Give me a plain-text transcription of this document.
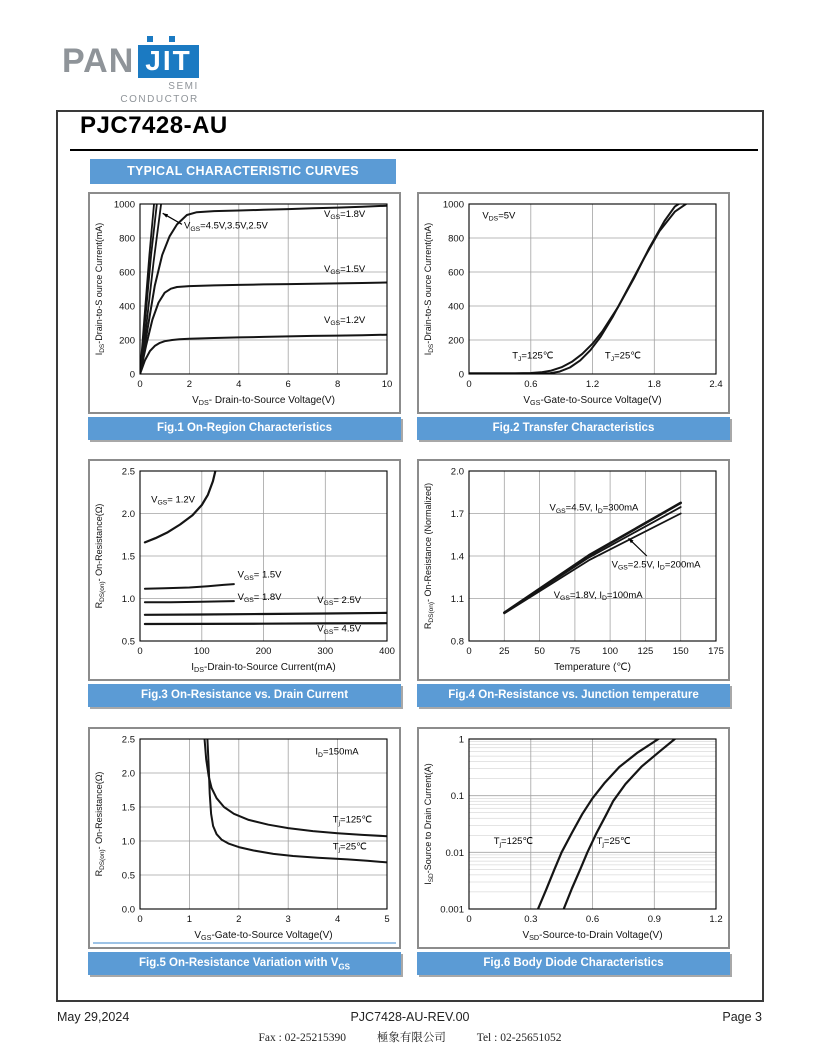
PAN JIT
SEMI
CONDUCTOR
PJC7428-AU
TYPICAL CHARACTERISTIC CURVES
0	2	4	6	8	10
0
200
400
600
800
1000
$V_{DS}-$ Drain-to-Source Voltage(V)
$I_{DS}-Drain-to-S$ ource Current(mA)	$V_{GS}=4.5V,3.5V,2.5V$
$V_{GS}=1.8V$
$V_{GS}=1.5V$
$V_{GS}=1.2V$
Fig.1 On-Region Characteristics
0	0.6	1.2	1.8	2.4
0
200
400
600
800
1000
$V_{GS}-Gate-to$-Source Voltage(V)
$I_{DS}-Drain-to-S$ ource Current(mA)
$V_{DS}=5V$
$T_J=125℃$	$T_J=25℃$
Fig.2 Transfer Characteristics
0	100	200	300	400
0.5
1.0
1.5
2.0
2.5
$I_{DS}-Drain-to$-Source Current(mA)
$R_{DS(on)}-$ On-Resistance(Ω)
$V_{GS}= 1.2V$
$V_{GS}= 1.5V$
$V_{GS}= 1.8V$	$V_{GS}= 2.5V$
$V_{GS}= 4.5V$
Fig.3 On-Resistance vs. Drain Current
0	25	50	75 100 125 150 175
0.8
1.1
1.4
1.7
2.0
Temperature (℃)
$R_{DS(on)}-$ On-Resistance (Normalized)	$V_{GS}=4.5V$, $I_D=300mA$
$V_{GS}=2.5V$, $I_D=200mA$
$V_{GS}=1.8V$, $I_D=100mA$
Fig.4 On-Resistance vs. Junction temperature
0	1	2	3	4	5
0.0
0.5
1.0
1.5
2.0
2.5
$V_{GS}-Gate-to$-Source Voltage(V)
$R_{DS(on)}-$ On-Resistance(Ω)
$I_D=150mA$
$T_j=125℃$
$T_j=25℃$
Fig.5 On-Resistance Variation with $V_{GS}$
0	0.3	0.6	0.9	1.2
0.001
0.01
0.1
1
$V_{SD}-Source-to$-Drain Voltage(V)
$I_{SD}$-Source to Drain Current(A)	$T_j=125℃$	$T_j=25℃$
Fig.6 Body Diode Characteristics
May 29,2024	PJC7428-AU-REV.00	Page 3
Fax : 02-25215390	極象有限公司	Tel : 02-25651052
